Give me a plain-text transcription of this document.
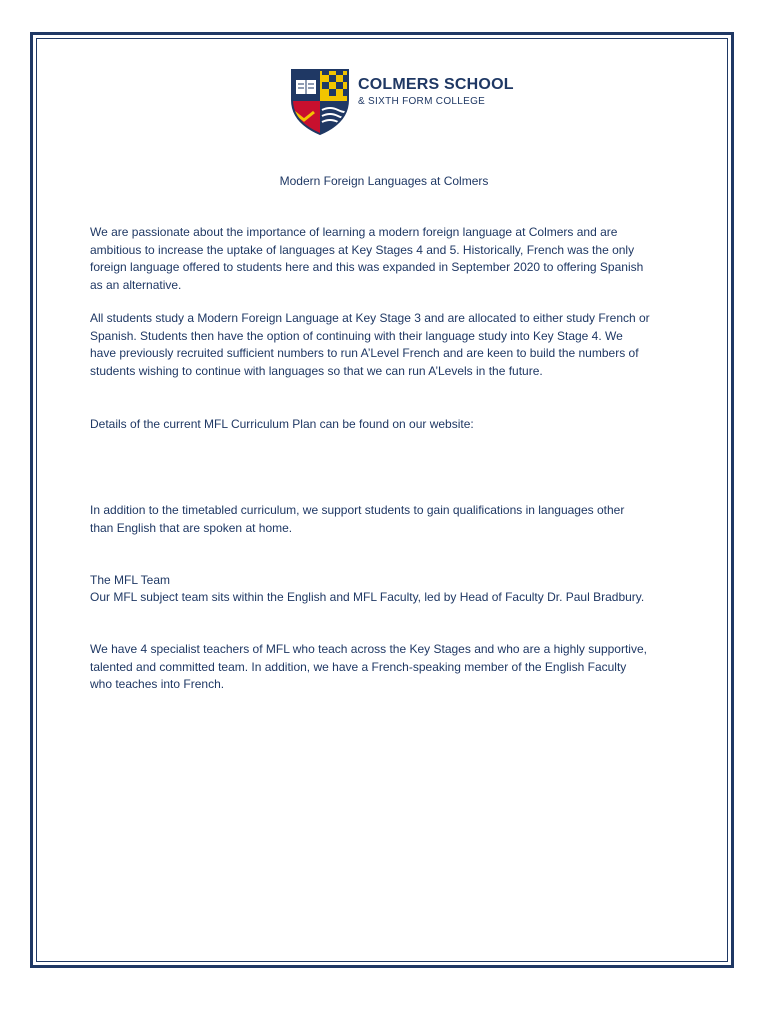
COLMERS SCHOOL
& SIXTH FORM COLLEGE
Modern Foreign Languages at Colmers

We are passionate about the importance of learning a modern foreign language at Colmers and are ambitious to increase the uptake of languages at Key Stages 4 and 5. Historically, French was the only foreign language offered to students here and this was expanded in September 2020 to offering Spanish as an alternative.

All students study a Modern Foreign Language at Key Stage 3 and are allocated to either study French or Spanish. Students then have the option of continuing with their language study into Key Stage 4. We have previously recruited sufficient numbers to run A’Level French and are keen to build the numbers of students wishing to continue with languages so that we can run A’Levels in the future.

Details of the current MFL Curriculum Plan can be found on our website:

In addition to the timetabled curriculum, we support students to gain qualifications in languages other than English that are spoken at home.

The MFL Team

Our MFL subject team sits within the English and MFL Faculty, led by Head of Faculty Dr. Paul Bradbury.

We have 4 specialist teachers of MFL who teach across the Key Stages and who are a highly supportive, talented and committed team. In addition, we have a French-speaking member of the English Faculty who teaches into French.
